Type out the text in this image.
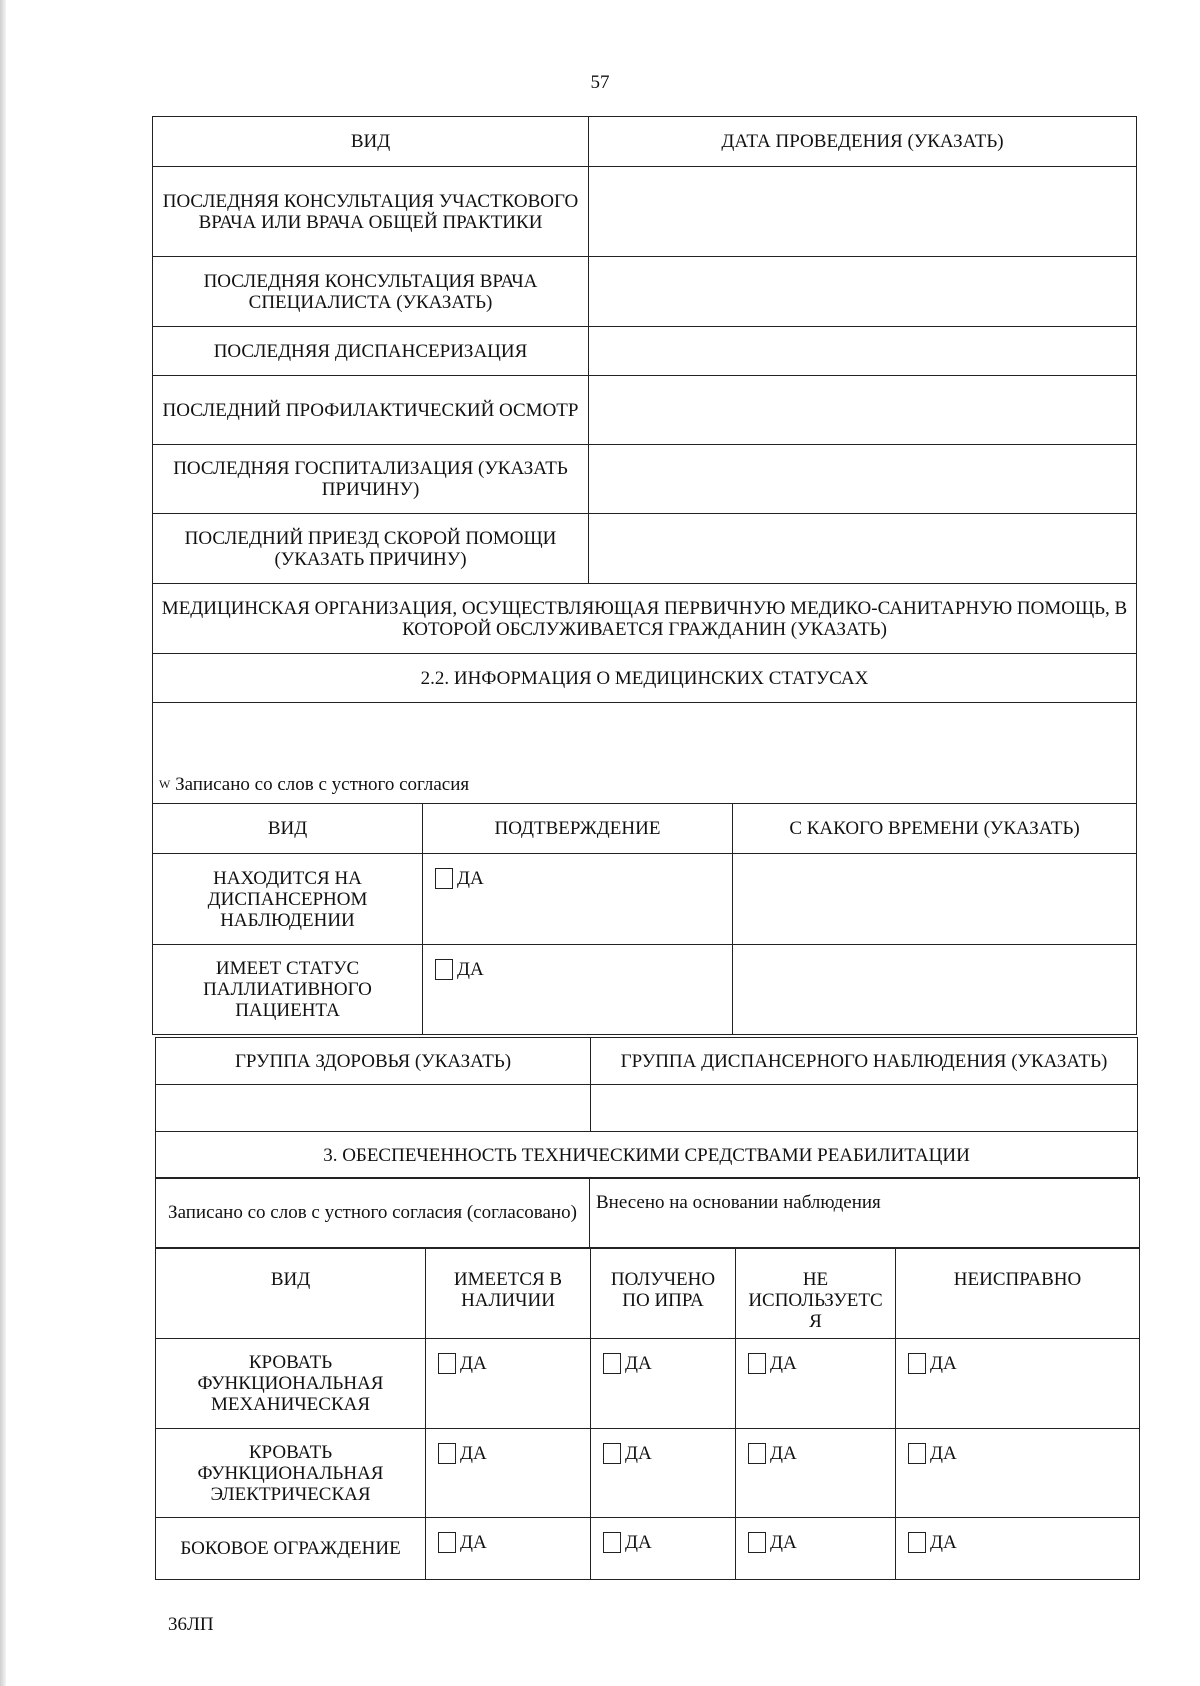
57
ВИД	ДАТА ПРОВЕДЕНИЯ (УКАЗАТЬ)
ПОСЛЕДНЯЯ КОНСУЛЬТАЦИЯ УЧАСТКОВОГО ВРАЧА ИЛИ ВРАЧА ОБЩЕЙ ПРАКТИКИ	
ПОСЛЕДНЯЯ КОНСУЛЬТАЦИЯ ВРАЧА СПЕЦИАЛИСТА (УКАЗАТЬ)	
ПОСЛЕДНЯЯ ДИСПАНСЕРИЗАЦИЯ	
ПОСЛЕДНИЙ ПРОФИЛАКТИЧЕСКИЙ ОСМОТР	
ПОСЛЕДНЯЯ ГОСПИТАЛИЗАЦИЯ (УКАЗАТЬ ПРИЧИНУ)	
ПОСЛЕДНИЙ ПРИЕЗД СКОРОЙ ПОМОЩИ (УКАЗАТЬ ПРИЧИНУ)	
МЕДИЦИНСКАЯ ОРГАНИЗАЦИЯ, ОСУЩЕСТВЛЯЮЩАЯ ПЕРВИЧНУЮ МЕДИКО-САНИТАРНУЮ ПОМОЩЬ, В КОТОРОЙ ОБСЛУЖИВАЕТСЯ ГРАЖДАНИН (УКАЗАТЬ)	
2.2. ИНФОРМАЦИЯ О МЕДИЦИНСКИХ СТАТУСАХ	
$^W$ Записано со слов с устного согласия	
ВИД	ПОДТВЕРЖДЕНИЕ	С КАКОГО ВРЕМЕНИ (УКАЗАТЬ)
НАХОДИТСЯ НА ДИСПАНСЕРНОМ НАБЛЮДЕНИИ	ДА	
ИМЕЕТ СТАТУС ПАЛЛИАТИВНОГО ПАЦИЕНТА	ДА	
ГРУППА ЗДОРОВЬЯ (УКАЗАТЬ)	ГРУППА ДИСПАНСЕРНОГО НАБЛЮДЕНИЯ (УКАЗАТЬ)

3. ОБЕСПЕЧЕННОСТЬ ТЕХНИЧЕСКИМИ СРЕДСТВАМИ РЕАБИЛИТАЦИИ	
Записано со слов с устного согласия (согласовано)	Внесено на основании наблюдения
ВИД	ИМЕЕТСЯ В НАЛИЧИИ	ПОЛУЧЕНО ПО ИПРА	НЕ ИСПОЛЬЗУЕТС Я	НЕИСПРАВНО
КРОВАТЬ ФУНКЦИОНАЛЬНАЯ МЕХАНИЧЕСКАЯ	ДА	ДА	ДА	ДА
КРОВАТЬ ФУНКЦИОНАЛЬНАЯ ЭЛЕКТРИЧЕСКАЯ	ДА	ДА	ДА	ДА
БОКОВОЕ ОГРАЖДЕНИЕ	ДА	ДА	ДА	ДА
36ЛП
